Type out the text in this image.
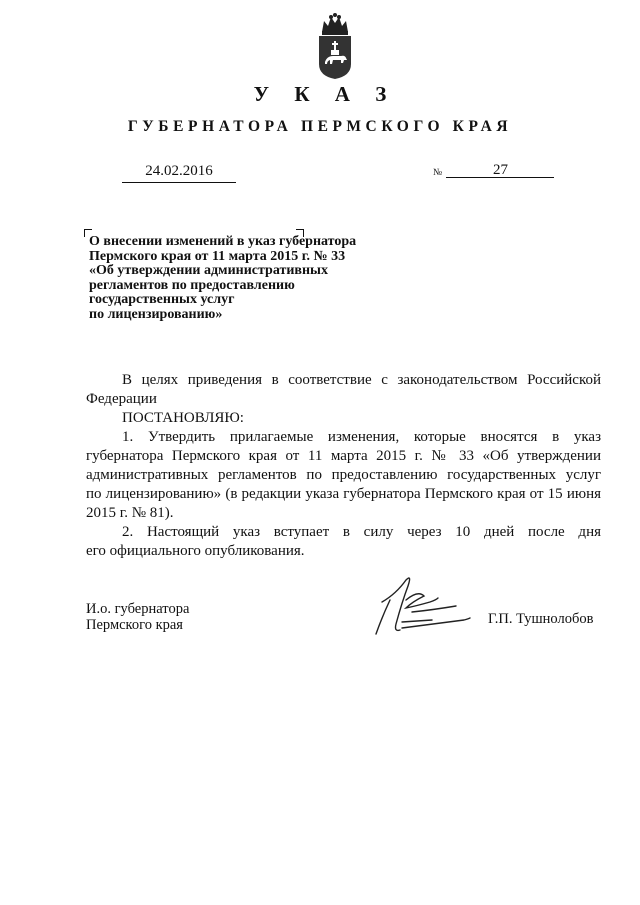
У К А З
ГУБЕРНАТОРА ПЕРМСКОГО КРАЯ
24.02.2016	№	27
О внесении изменений в указ губернатора
Пермского края от 11 марта 2015 г. № 33
«Об утверждении административных
регламентов по предоставлению
государственных услуг
по лицензированию»
В целях приведения в соответствие с законодательством Российской
Федерации
ПОСТАНОВЛЯЮ:
1. Утвердить прилагаемые изменения, которые вносятся в указ
губернатора Пермского края от 11 марта 2015 г. № 33 «Об утверждении
административных регламентов по предоставлению государственных услуг
по лицензированию» (в редакции указа губернатора Пермского края от 15 июня
2015 г. № 81).
2. Настоящий указ вступает в силу через 10 дней после дня
его официального опубликования.
И.о. губернатора
Пермского края	Г.П. Тушнолобов
